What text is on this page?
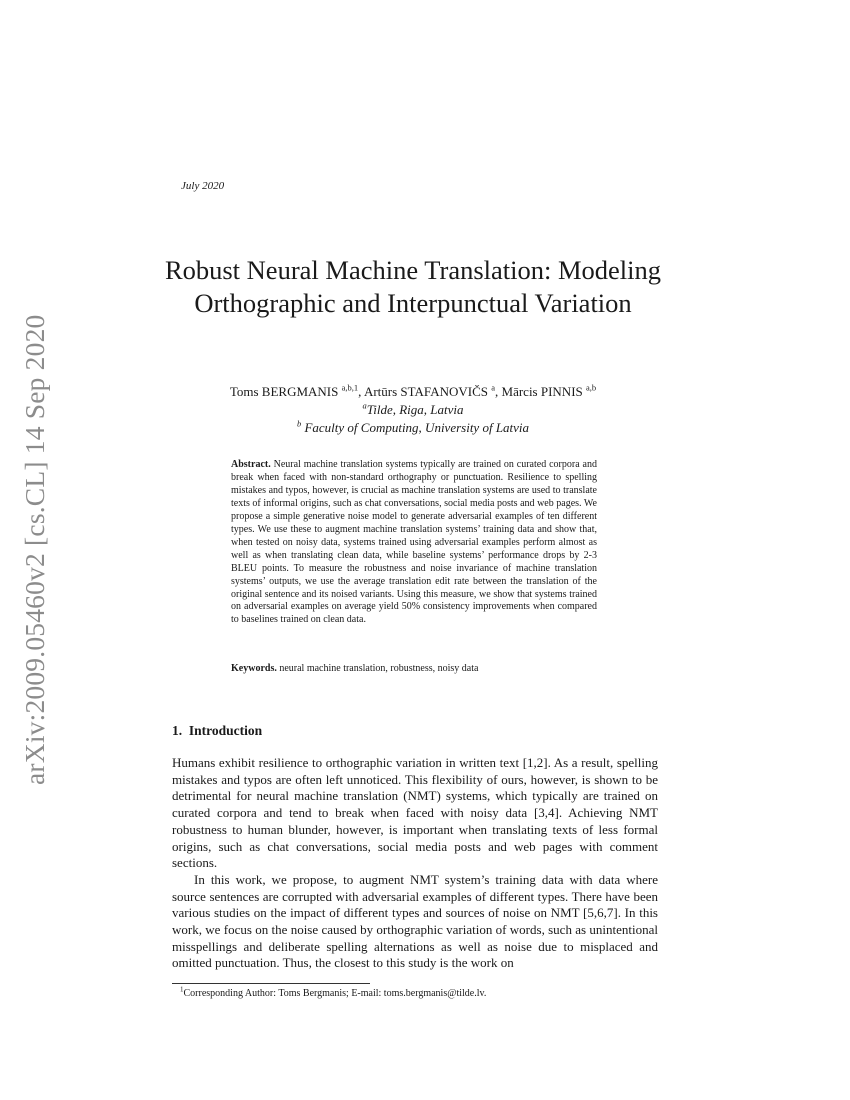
arXiv:2009.05460v2 [cs.CL] 14 Sep 2020
July 2020
Robust Neural Machine Translation: Modeling Orthographic and Interpunctual Variation
Toms BERGMANIS $^{a,b,1}$, Artūrs STAFANOVIČS $^a$, Mārcis PINNIS $^{a,b}$
$^a$Tilde, Riga, Latvia
$^b$ Faculty of Computing, University of Latvia
Abstract. Neural machine translation systems typically are trained on curated corpora and break when faced with non-standard orthography or punctuation. Resilience to spelling mistakes and typos, however, is crucial as machine translation systems are used to translate texts of informal origins, such as chat conversations, social media posts and web pages. We propose a simple generative noise model to generate adversarial examples of ten different types. We use these to augment machine translation systems’ training data and show that, when tested on noisy data, systems trained using adversarial examples perform almost as well as when translating clean data, while baseline systems’ performance drops by 2-3 BLEU points. To measure the robustness and noise invariance of machine translation systems’ outputs, we use the average translation edit rate between the translation of the original sentence and its noised variants. Using this measure, we show that systems trained on adversarial examples on average yield 50% consistency improvements when compared to baselines trained on clean data.
Keywords. neural machine translation, robustness, noisy data
1. Introduction

Humans exhibit resilience to orthographic variation in written text [1,2]. As a result, spelling mistakes and typos are often left unnoticed. This flexibility of ours, however, is shown to be detrimental for neural machine translation (NMT) systems, which typically are trained on curated corpora and tend to break when faced with noisy data [3,4]. Achieving NMT robustness to human blunder, however, is important when translating texts of less formal origins, such as chat conversations, social media posts and web pages with comment sections.

In this work, we propose, to augment NMT system’s training data with data where source sentences are corrupted with adversarial examples of different types. There have been various studies on the impact of different types and sources of noise on NMT [5,6,7]. In this work, we focus on the noise caused by orthographic variation of words, such as unintentional misspellings and deliberate spelling alternations as well as noise due to misplaced and omitted punctuation. Thus, the closest to this study is the work on

$^1$Corresponding Author: Toms Bergmanis; E-mail: toms.bergmanis@tilde.lv.
